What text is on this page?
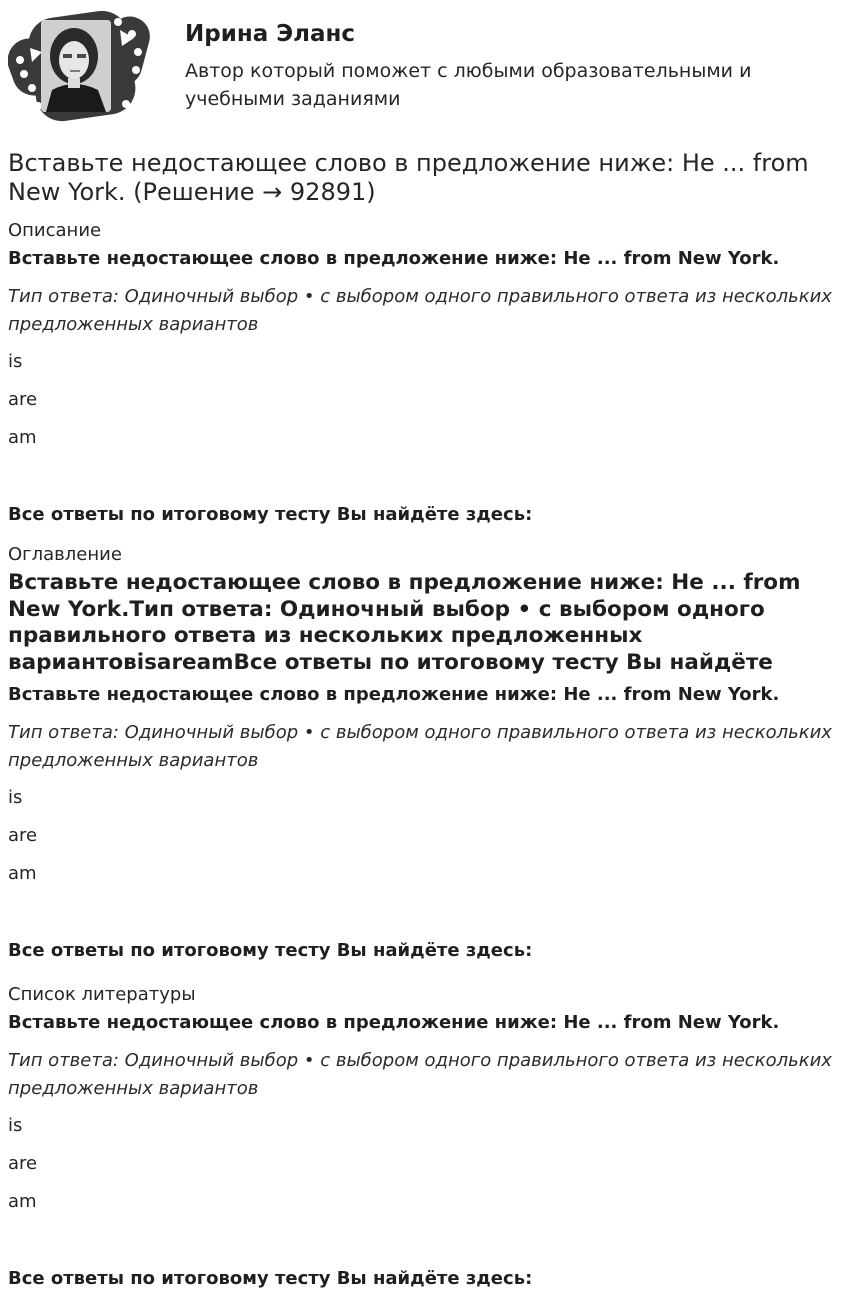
Ирина Эланс
Автор который поможет с любыми образовательными и учебными заданиями
Вставьте недостающее слово в предложение ниже: He ... from New York. (Решение → 92891)
Описание
Вставьте недостающее слово в предложение ниже: He ... from New York.
Тип ответа: Одиночный выбор • с выбором одного правильного ответа из нескольких предложенных вариантов
is
are
am
Все ответы по итоговому тесту Вы найдёте здесь:
Оглавление
Вставьте недостающее слово в предложение ниже: He ... from New York.Тип ответа: Одиночный выбор • с выбором одного правильного ответа из нескольких предложенных вариантовisareamВсе ответы по итоговому тесту Вы найдёте
Вставьте недостающее слово в предложение ниже: He ... from New York.
Тип ответа: Одиночный выбор • с выбором одного правильного ответа из нескольких предложенных вариантов
is
are
am
Все ответы по итоговому тесту Вы найдёте здесь:
Список литературы
Вставьте недостающее слово в предложение ниже: He ... from New York.
Тип ответа: Одиночный выбор • с выбором одного правильного ответа из нескольких предложенных вариантов
is
are
am
Все ответы по итоговому тесту Вы найдёте здесь:
